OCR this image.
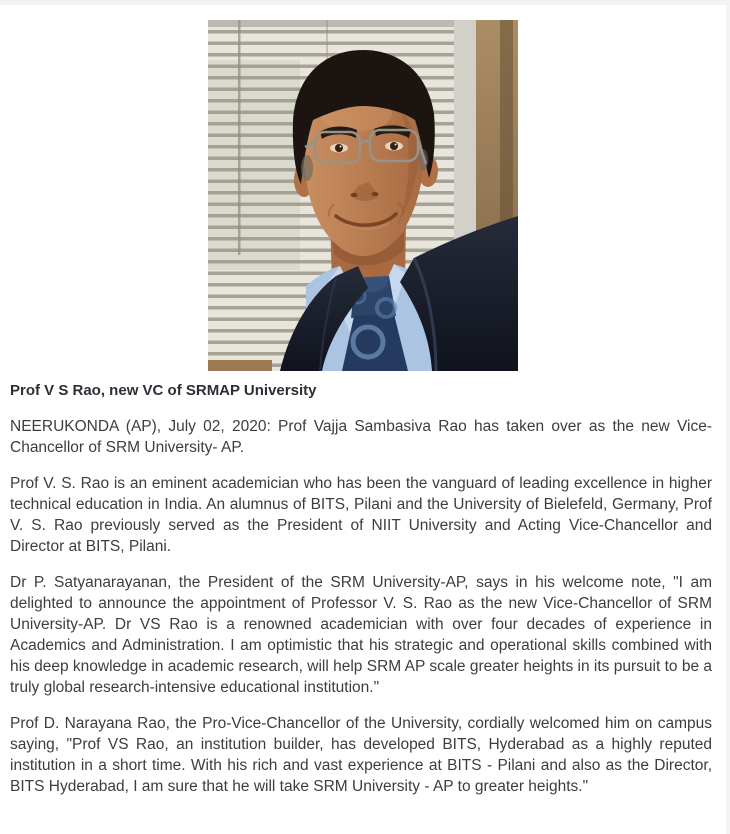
Prof V S Rao, new VC of SRMAP University

NEERUKONDA (AP), July 02, 2020: Prof Vajja Sambasiva Rao has taken over as the new Vice-Chancellor of SRM University- AP.

Prof V. S. Rao is an eminent academician who has been the vanguard of leading excellence in higher technical education in India. An alumnus of BITS, Pilani and the University of Bielefeld, Germany, Prof V. S. Rao previously served as the President of NIIT University and Acting Vice-Chancellor and Director at BITS, Pilani.

Dr P. Satyanarayanan, the President of the SRM University-AP, says in his welcome note, "I am delighted to announce the appointment of Professor V. S. Rao as the new Vice-Chancellor of SRM University-AP. Dr VS Rao is a renowned academician with over four decades of experience in Academics and Administration. I am optimistic that his strategic and operational skills combined with his deep knowledge in academic research, will help SRM AP scale greater heights in its pursuit to be a truly global research-intensive educational institution."

Prof D. Narayana Rao, the Pro-Vice-Chancellor of the University, cordially welcomed him on campus saying, "Prof VS Rao, an institution builder, has developed BITS, Hyderabad as a highly reputed institution in a short time. With his rich and vast experience at BITS - Pilani and also as the Director, BITS Hyderabad, I am sure that he will take SRM University - AP to greater heights."
